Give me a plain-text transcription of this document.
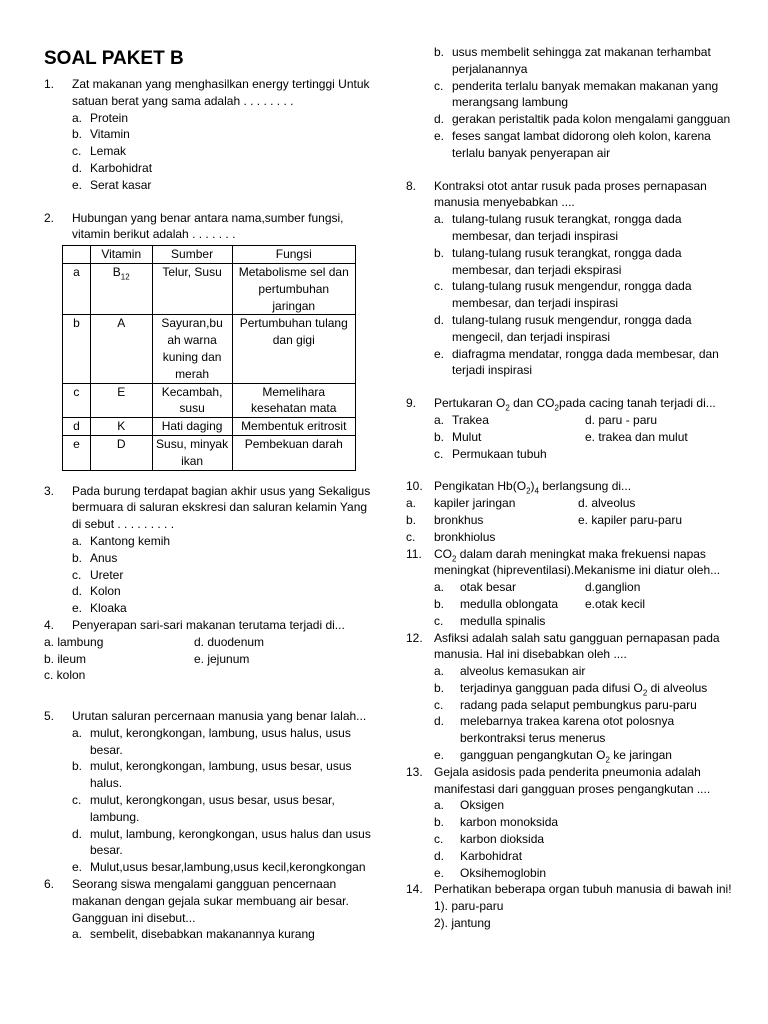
SOAL PAKET B
1.	Zat makanan yang menghasilkan energy tertinggi Untuk satuan berat yang sama adalah . . . . . . . .
a. Protein
b. Vitamin
c. Lemak
d. Karbohidrat
e. Serat kasar
2.	Hubungan yang benar antara nama,sumber fungsi, vitamin berikut adalah . . . . . . .
	Vitamin	Sumber	Fungsi
a	$B_{12}$	Telur, Susu	Metabolisme sel dan pertumbuhan jaringan
b	A	Sayuran,bu ah warna kuning dan merah	Pertumbuhan tulang dan gigi
c	E	Kecambah, susu	Memelihara kesehatan mata
d	K	Hati daging	Membentuk eritrosit
e	D	Susu, minyak ikan	Pembekuan darah
3.	Pada burung terdapat bagian akhir usus yang Sekaligus bermuara di saluran ekskresi dan saluran kelamin Yang di sebut . . . . . . . . .
a. Kantong kemih
b. Anus
c. Ureter
d. Kolon
e. Kloaka
4.	Penyerapan sari-sari makanan terutama terjadi di...
a. lambung	d. duodenum
b. ileum	e. jejunum
c. kolon
5.	Urutan saluran percernaan manusia yang benar Ialah...
a. mulut, kerongkongan, lambung, usus halus, usus besar.
b. mulut, kerongkongan, lambung, usus besar, usus halus.
c. mulut, kerongkongan, usus besar, usus besar, lambung.
d. mulut, lambung, kerongkongan, usus halus dan usus besar.
e. Mulut,usus besar,lambung,usus kecil,kerongkongan
6.	Seorang siswa mengalami gangguan pencernaan makanan dengan gejala sukar membuang air besar. Gangguan ini disebut...
a. sembelit, disebabkan makanannya kurang
b. usus membelit sehingga zat makanan terhambat perjalanannya
c. penderita terlalu banyak memakan makanan yang merangsang lambung
d. gerakan peristaltik pada kolon mengalami gangguan
e. feses sangat lambat didorong oleh kolon, karena terlalu banyak penyerapan air
8.	Kontraksi otot antar rusuk pada proses pernapasan manusia menyebabkan ....
a. tulang-tulang rusuk terangkat, rongga dada membesar, dan terjadi inspirasi
b. tulang-tulang rusuk terangkat, rongga dada membesar, dan terjadi ekspirasi
c. tulang-tulang rusuk mengendur, rongga dada membesar, dan terjadi inspirasi
d. tulang-tulang rusuk mengendur, rongga dada mengecil, dan terjadi inspirasi
e. diafragma mendatar, rongga dada membesar, dan terjadi inspirasi
9.	Pertukaran $O_2$ dan $CO_2pada$ cacing tanah terjadi di...
a. Trakea	d. paru - paru
b. Mulut	e. trakea dan mulut
c. Permukaan tubuh
10. Pengikatan $Hb(O_2)_4$ berlangsung di...
a.	kapiler jaringan	d. alveolus
b.	bronkhus	e. kapiler paru-paru
c.	bronkhiolus
11.	$CO_2$ dalam darah meningkat maka frekuensi napas meningkat (hipreventilasi).Mekanisme ini diatur oleh...
a.	otak besar	d.ganglion
b.	medulla oblongata e.otak kecil
c.	medulla spinalis
12. Asfiksi adalah salah satu gangguan pernapasan pada manusia. Hal ini disebabkan oleh ....
a.	alveolus kemasukan air
b.	terjadinya gangguan pada difusi $O_2$ di alveolus
c.	radang pada selaput pembungkus paru-paru
d.	melebarnya trakea karena otot polosnya berkontraksi terus menerus
e.	gangguan pengangkutan $O_2$ ke jaringan
13. Gejala asidosis pada penderita pneumonia adalah manifestasi dari gangguan proses pengangkutan ....
a.	Oksigen
b.	karbon monoksida
c.	karbon dioksida
d.	Karbohidrat
e.	Oksihemoglobin
14. Perhatikan beberapa organ tubuh manusia di bawah ini!
1). paru-paru
2). jantung
